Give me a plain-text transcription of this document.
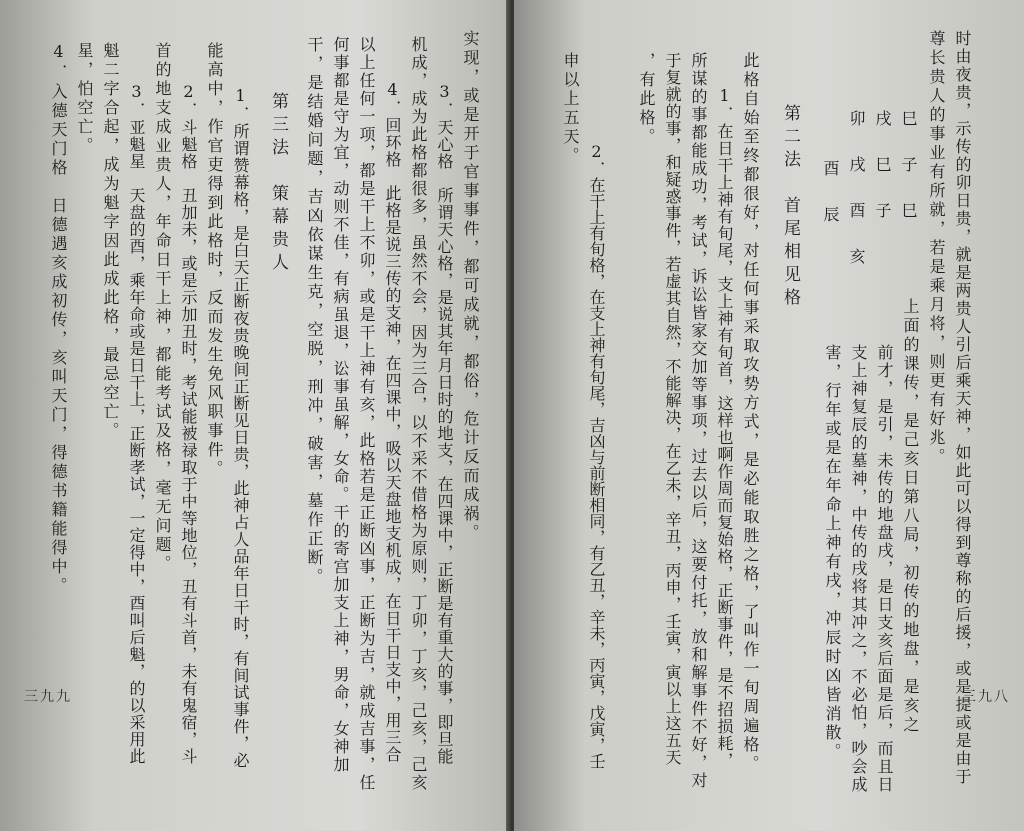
实现，或是开于官事事件，都可成就，都俗，危计反而成祸。
3．天心格　所谓天心格，是说其年月日时的地支，在四课中，正断是有重大的事，即旦能
机成，成为此格都很多，虽然不会，因为三合，以不采不借格为原则，丁卯，丁亥，己亥，己亥
4．回环格　此格是说三传的支神，在四课中，吸以天盘地支机成，在日干日支中，用三合
以上任何一项，都是干上不卯，或是干上神有亥，此格若是正断凶事，正断为吉，就成吉事，任
何事都是守为宜，动则不佳，有病虽退，讼事虽解，女命。干的寄宫加支上神，男命，女神加
干，是结婚问题，吉凶依谋生克，空脱，刑冲，破害，墓作正断。
第三法　策幕贵人
1．所谓赞幕格，是白天正断夜贵晚间正断见日贵，此神占人品年日干时，有间试事件，必
能高中，作官吏得到此格时，反而发生免风职事件。
2．斗魁格　丑加未，或是示加丑时，考试能被禄取于中等地位，丑有斗首，未有鬼宿，斗
首的地支成业贵人，年命日干上神，都能考试及格，毫无问题。
3．亚魁星　天盘的酉，乘年命或是日干上，正断孝试，一定得中，酉叫后魁，的以采用此
魁二字合起，成为魁字因此成此格，最忌空亡。
星，怕空亡。
4．入德天门格　日德遇亥成初传，亥叫天门，得德书籍能得中。
三九九	时由夜贵，示传的卯日贵，就是两贵人引后乘天神，如此可以得到尊称的后援，或是提或是由于
尊长贵人的事业有所就，若是乘月将，则更有好兆。
上面的课传，是己亥日第八局，初传的地盘，是亥之
前才，是引，未传的地盘戌，是日支亥后面是后，而且日
支上神复辰的墓神，中传的戌将其冲之，不必怕，吵会成
害，行年或是在年命上神有戌，冲辰时凶皆消散。
巳子巳
戌巳子
卯戌酉亥
酉辰
第二法　首尾相见格
此格自始至终都很好，对任何事采取攻势方式，是必能取胜之格，了叫作一旬周遍格。
1．在日干上神有旬尾，支上神有旬首，这样也啊作周而复始格，正断事件，是不招损耗，
所谋的事都能成功，考试，诉讼皆家交加等事项，过去以后，这要付托，放和解事件不好，对
于复就的事，和疑惑事件，若虚其自然，不能解决，在乙未，辛丑，丙申，壬寅，寅以上这五天
，有此格。
2．在干上有旬格，在支上神有旬尾，吉凶与前断相同，有乙丑，辛未，丙寅，戊寅，壬
申以上五天。
三九八
